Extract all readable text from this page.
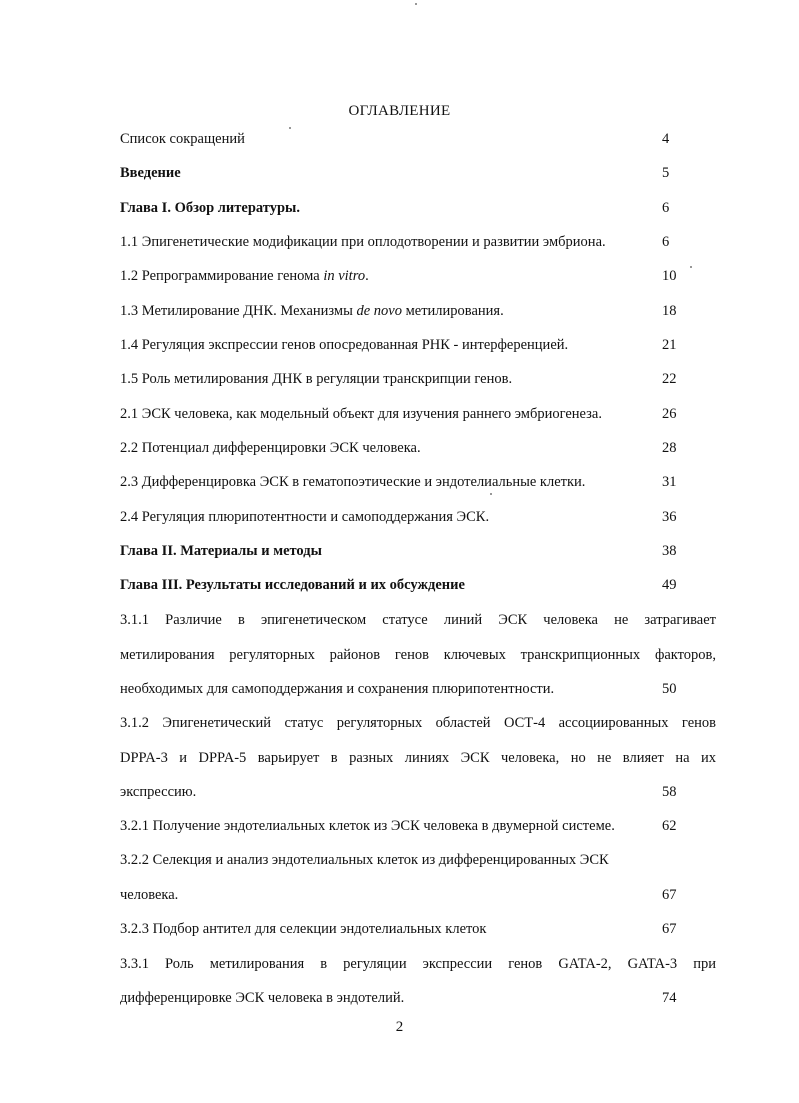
ОГЛАВЛЕНИЕ
Список сокращений	4
Введение	5
Глава I. Обзор литературы.	6
1.1 Эпигенетические модификации при оплодотворении и развитии эмбриона.	6
1.2 Репрограммирование генома in vitro.	10
1.3 Метилирование ДНК. Механизмы de novo метилирования.	18
1.4 Регуляция экспрессии генов опосредованная РНК - интерференцией.	21
1.5 Роль метилирования ДНК в регуляции транскрипции генов.	22
2.1 ЭСК человека, как модельный объект для изучения раннего эмбриогенеза.	26
2.2 Потенциал дифференцировки ЭСК человека.	28
2.3 Дифференцировка ЭСК в гематопоэтические и эндотелиальные клетки.	31
2.4 Регуляция плюрипотентности и самоподдержания ЭСК.	36
Глава II. Материалы и методы	38
Глава III. Результаты исследований и их обсуждение	49
3.1.1 Различие в эпигенетическом статусе линий ЭСК человека не затрагивает
метилирования регуляторных районов генов ключевых транскрипционных факторов,
необходимых для самоподдержания и сохранения плюрипотентности.	50
3.1.2 Эпигенетический статус регуляторных областей ОСТ-4 ассоциированных генов
DPPA-3 и DPPA-5 варьирует в разных линиях ЭСК человека, но не влияет на их
экспрессию.	58
3.2.1 Получение эндотелиальных клеток из ЭСК человека в двумерной системе.	62
3.2.2 Селекция и анализ эндотелиальных клеток из дифференцированных ЭСК
человека.	67
3.2.3 Подбор антител для селекции эндотелиальных клеток	67
3.3.1 Роль метилирования в регуляции экспрессии генов GATA-2, GATA-3 при
дифференцировке ЭСК человека в эндотелий.	74
2
